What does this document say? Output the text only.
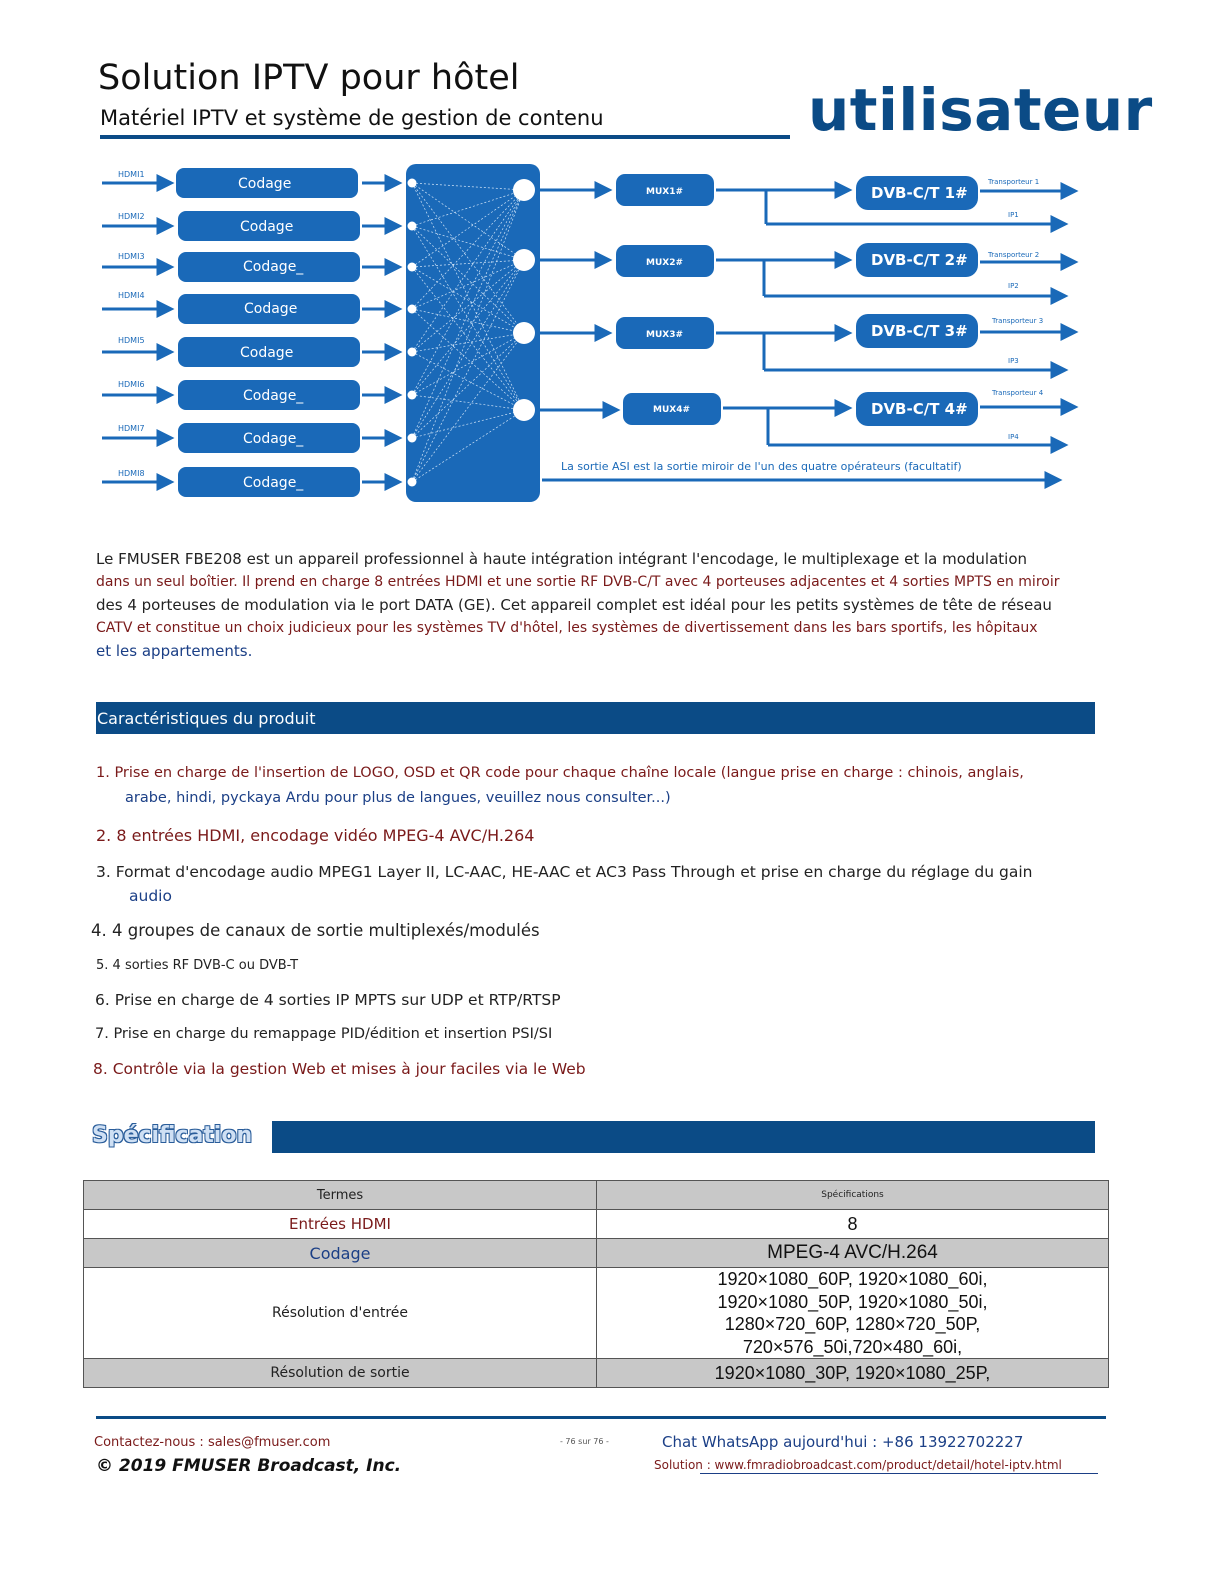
Solution IPTV pour hôtel
Matériel IPTV et système de gestion de contenu	utilisateur
HDMI1
HDMI2
HDMI3
HDMI4
HDMI5
HDMI6
HDMI7
HDMI8
Codage
Codage
Codage_
Codage
Codage
Codage_
Codage_
Codage_
MUX1#
MUX2#
MUX3#
MUX4#
DVB-C/T 1#
DVB-C/T 2#
DVB-C/T 3#
DVB-C/T 4#
Transporteur 1
Transporteur 2
Transporteur 3
Transporteur 4
IP1
IP2
IP3
IP4
La sortie ASI est la sortie miroir de l'un des quatre opérateurs (facultatif)
Le FMUSER FBE208 est un appareil professionnel à haute intégration intégrant l'encodage, le multiplexage et la modulation
dans un seul boîtier. Il prend en charge 8 entrées HDMI et une sortie RF DVB-C/T avec 4 porteuses adjacentes et 4 sorties MPTS en miroir
des 4 porteuses de modulation via le port DATA (GE). Cet appareil complet est idéal pour les petits systèmes de tête de réseau
CATV et constitue un choix judicieux pour les systèmes TV d'hôtel, les systèmes de divertissement dans les bars sportifs, les hôpitaux
et les appartements.
Caractéristiques du produit
1. Prise en charge de l'insertion de LOGO, OSD et QR code pour chaque chaîne locale (langue prise en charge : chinois, anglais,
arabe, hindi, pyckaya Ardu pour plus de langues, veuillez nous consulter...)
2. 8 entrées HDMI, encodage vidéo MPEG-4 AVC/H.264
3. Format d'encodage audio MPEG1 Layer II, LC-AAC, HE-AAC et AC3 Pass Through et prise en charge du réglage du gain
audio
4. 4 groupes de canaux de sortie multiplexés/modulés
5. 4 sorties RF DVB-C ou DVB-T
6. Prise en charge de 4 sorties IP MPTS sur UDP et RTP/RTSP
7. Prise en charge du remappage PID/édition et insertion PSI/SI
8. Contrôle via la gestion Web et mises à jour faciles via le Web
Spécification
Termes	Spécifications
Entrées HDMI	8
Codage	MPEG-4 AVC/H.264
Résolution d'entrée	1920×1080_60P, 1920×1080_60i,
1920×1080_50P, 1920×1080_50i,
1280×720_60P, 1280×720_50P,
720×576_50i,720×480_60i,

Résolution de sortie	1920×1080_30P, 1920×1080_25P,
Contactez-nous : sales@fmuser.com	- 76 sur 76 -	Chat WhatsApp aujourd'hui : +86 13922702227
© 2019 FMUSER Broadcast, Inc.	Solution : www.fmradiobroadcast.com/product/detail/hotel-iptv.html
